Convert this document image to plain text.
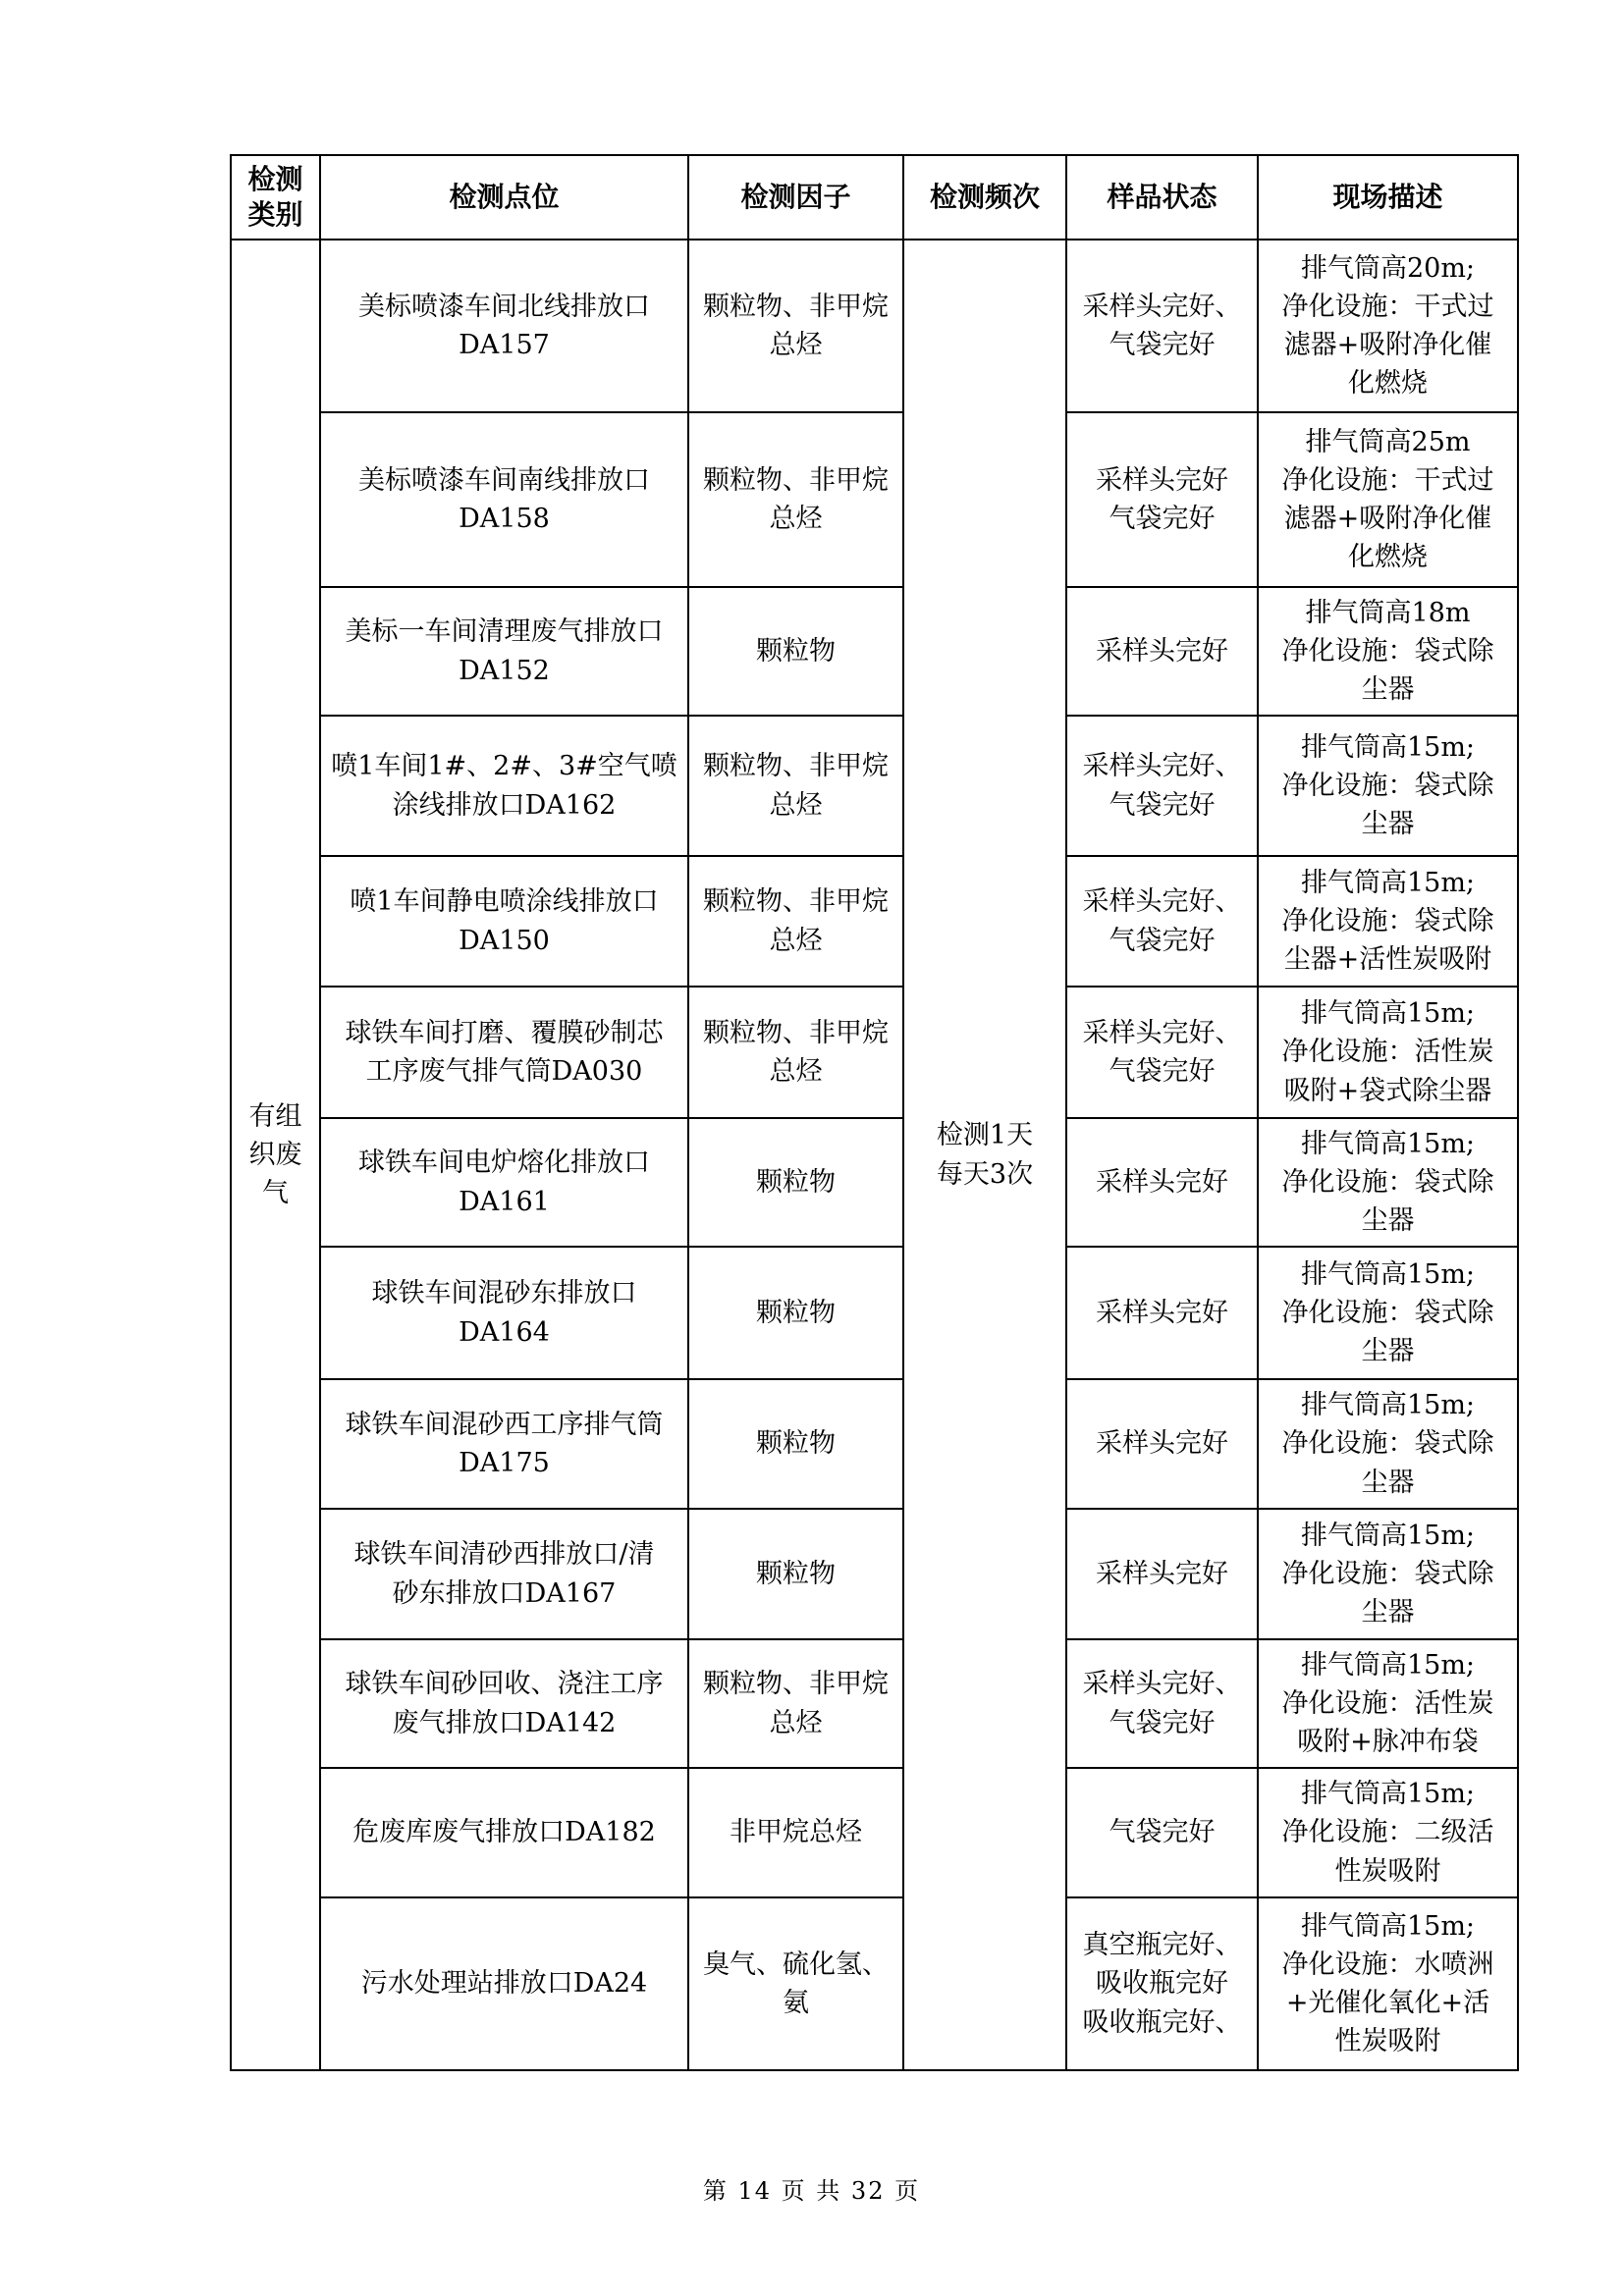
检测
类别	检测点位	检测因子	检测频次	样品状态	现场描述

有组
织废
气	美标喷漆车间北线排放口
DA157	颗粒物、非甲烷
总烃	检测1天
每天3次	采样头完好、
气袋完好	排气筒高20m;
净化设施：干式过
滤器+吸附净化催
化燃烧

	美标喷漆车间南线排放口
DA158	颗粒物、非甲烷
总烃		采样头完好
气袋完好	排气筒高25m
净化设施：干式过
滤器+吸附净化催
化燃烧

	美标一车间清理废气排放口
DA152	颗粒物		采样头完好	排气筒高18m
净化设施：袋式除
尘器

	喷1车间1#、2#、3#空气喷
涂线排放口DA162	颗粒物、非甲烷
总烃		采样头完好、
气袋完好	排气筒高15m;
净化设施：袋式除
尘器

	喷1车间静电喷涂线排放口
DA150	颗粒物、非甲烷
总烃		采样头完好、
气袋完好	排气筒高15m;
净化设施：袋式除
尘器+活性炭吸附

	球铁车间打磨、覆膜砂制芯
工序废气排气筒DA030	颗粒物、非甲烷
总烃		采样头完好、
气袋完好	排气筒高15m;
净化设施：活性炭
吸附+袋式除尘器

	球铁车间电炉熔化排放口
DA161	颗粒物		采样头完好	排气筒高15m;
净化设施：袋式除
尘器

	球铁车间混砂东排放口
DA164	颗粒物		采样头完好	排气筒高15m;
净化设施：袋式除
尘器

	球铁车间混砂西工序排气筒
DA175	颗粒物		采样头完好	排气筒高15m;
净化设施：袋式除
尘器

	球铁车间清砂西排放口/清
砂东排放口DA167	颗粒物		采样头完好	排气筒高15m;
净化设施：袋式除
尘器

	球铁车间砂回收、浇注工序
废气排放口DA142	颗粒物、非甲烷
总烃		采样头完好、
气袋完好	排气筒高15m;
净化设施：活性炭
吸附+脉冲布袋

	危废库废气排放口DA182	非甲烷总烃		气袋完好	排气筒高15m;
净化设施：二级活
性炭吸附

	污水处理站排放口DA24	臭气、硫化氢、
氨		真空瓶完好、
吸收瓶完好
吸收瓶完好、	排气筒高15m;
净化设施：水喷洲
+光催化氧化+活
性炭吸附
第 14 页 共 32 页
